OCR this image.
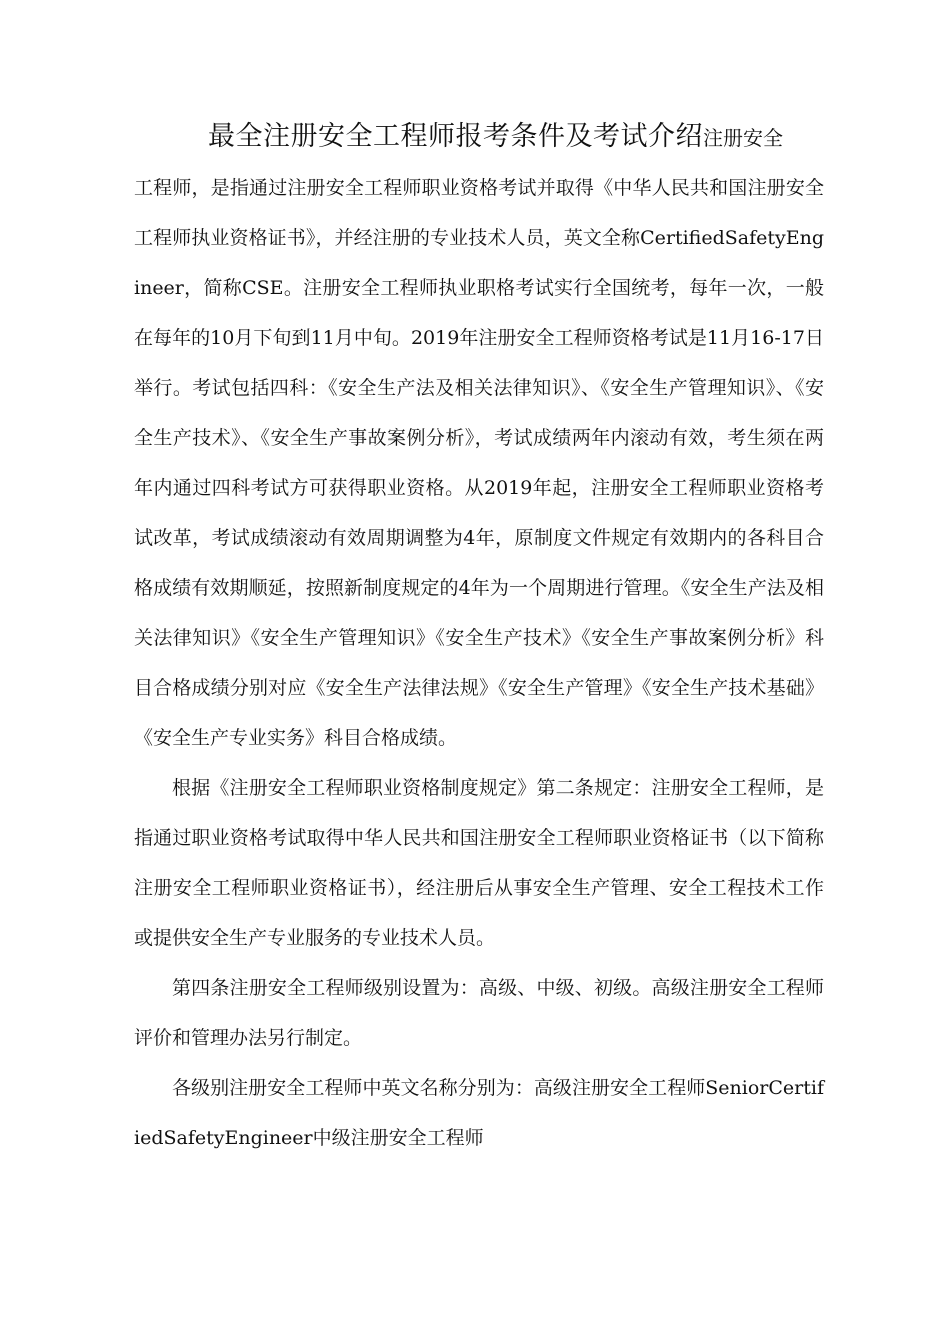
最全注册安全工程师报考条件及考试介绍注册安全

工程师，是指通过注册安全工程师职业资格考试并取得《中华人民共和国注册安全工程师执业资格证书》，并经注册的专业技术人员，英文全称CertifiedSafetyEngineer，简称CSE。注册安全工程师执业职格考试实行全国统考，每年一次，一般在每年的10月下旬到11月中旬。2019年注册安全工程师资格考试是11月16-17日举行。考试包括四科：《安全生产法及相关法律知识》、《安全生产管理知识》、《安全生产技术》、《安全生产事故案例分析》，考试成绩两年内滚动有效，考生须在两年内通过四科考试方可获得职业资格。从2019年起，注册安全工程师职业资格考试改革，考试成绩滚动有效周期调整为4年，原制度文件规定有效期内的各科目合格成绩有效期顺延，按照新制度规定的4年为一个周期进行管理。《安全生产法及相关法律知识》《安全生产管理知识》《安全生产技术》《安全生产事故案例分析》科目合格成绩分别对应《安全生产法律法规》《安全生产管理》《安全生产技术基础》《安全生产专业实务》科目合格成绩。

根据《注册安全工程师职业资格制度规定》第二条规定：注册安全工程师，是指通过职业资格考试取得中华人民共和国注册安全工程师职业资格证书（以下简称注册安全工程师职业资格证书），经注册后从事安全生产管理、安全工程技术工作或提供安全生产专业服务的专业技术人员。

第四条注册安全工程师级别设置为：高级、中级、初级。高级注册安全工程师评价和管理办法另行制定。

各级别注册安全工程师中英文名称分别为：高级注册安全工程师SeniorCertifiedSafetyEngineer中级注册安全工程师
